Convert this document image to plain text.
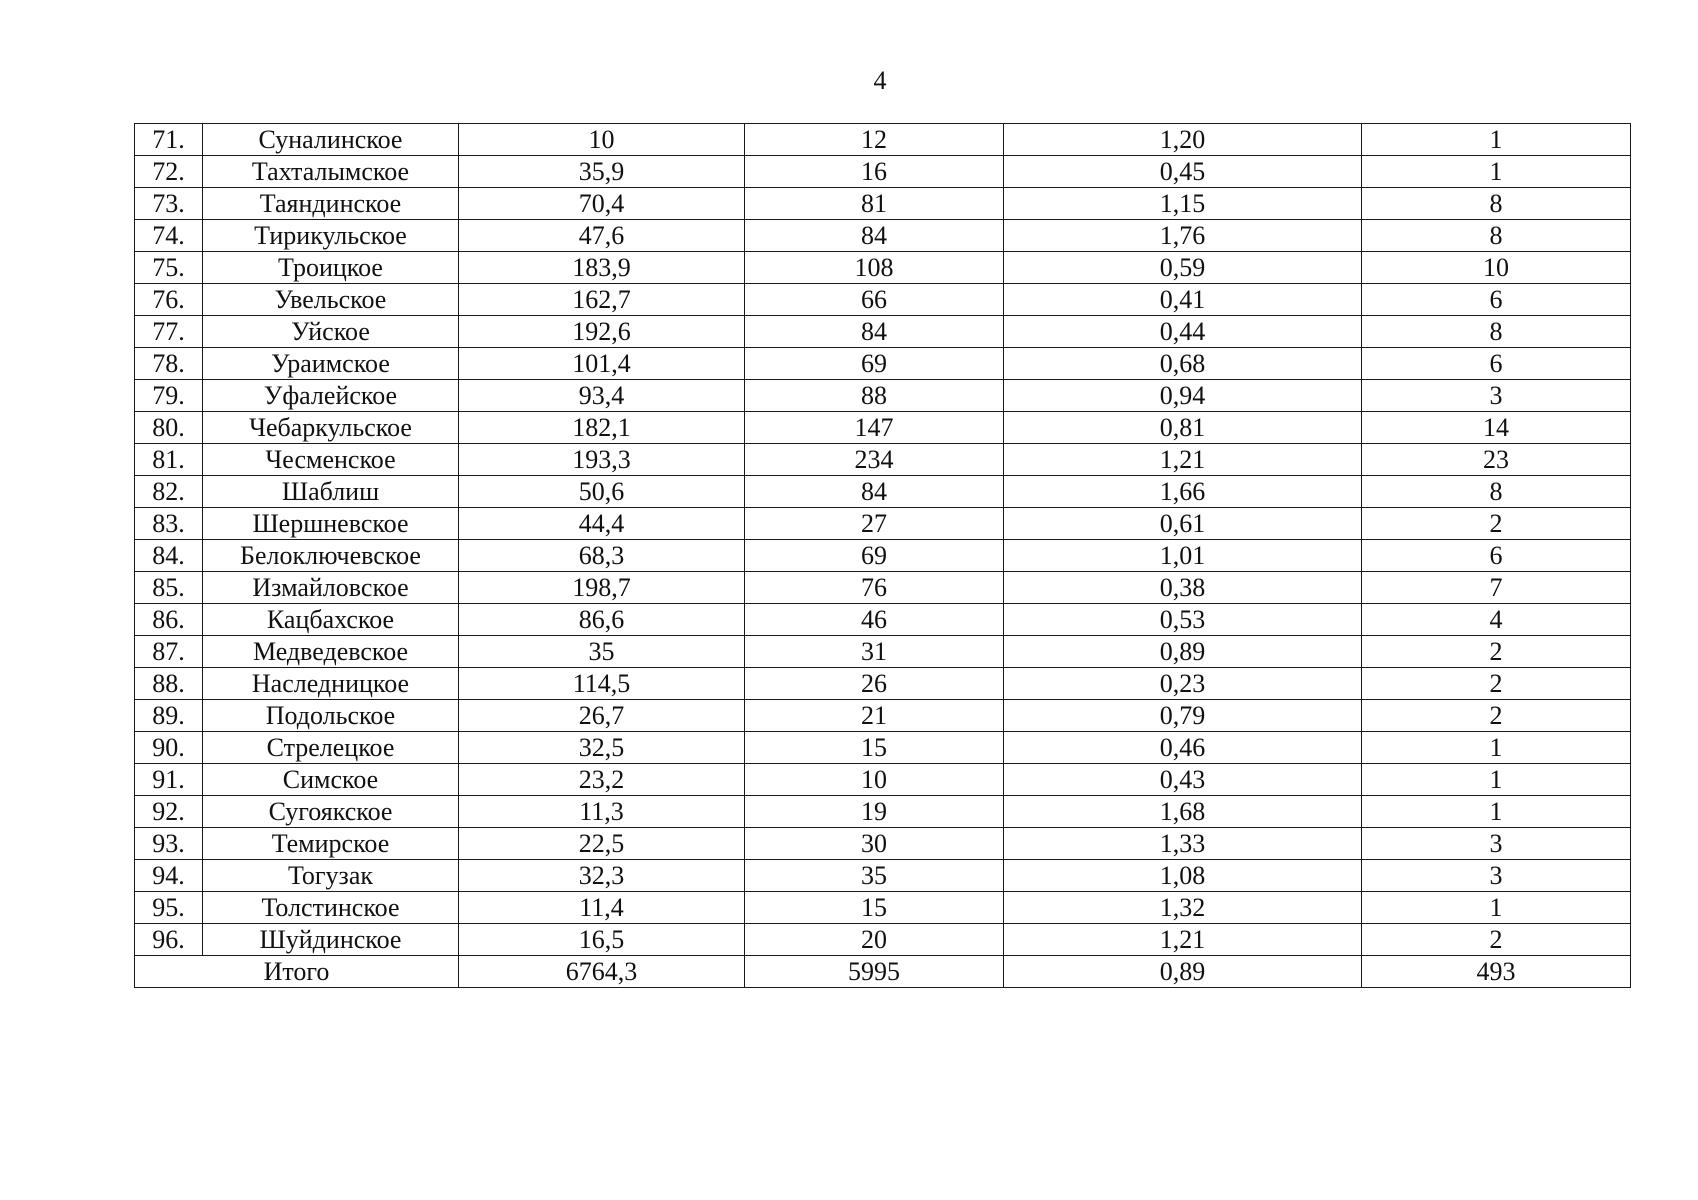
4
71.	Суналинское	10	12	1,20	1
72.	Тахталымское	35,9	16	0,45	1
73.	Таяндинское	70,4	81	1,15	8
74.	Тирикульское	47,6	84	1,76	8
75.	Троицкое	183,9	108	0,59	10
76.	Увельское	162,7	66	0,41	6
77.	Уйское	192,6	84	0,44	8
78.	Ураимское	101,4	69	0,68	6
79.	Уфалейское	93,4	88	0,94	3
80.	Чебаркульское	182,1	147	0,81	14
81.	Чесменское	193,3	234	1,21	23
82.	Шаблиш	50,6	84	1,66	8
83.	Шершневское	44,4	27	0,61	2
84.	Белоключевское	68,3	69	1,01	6
85.	Измайловское	198,7	76	0,38	7
86.	Кацбахское	86,6	46	0,53	4
87.	Медведевское	35	31	0,89	2
88.	Наследницкое	114,5	26	0,23	2
89.	Подольское	26,7	21	0,79	2
90.	Стрелецкое	32,5	15	0,46	1
91.	Симское	23,2	10	0,43	1
92.	Сугоякское	11,3	19	1,68	1
93.	Темирское	22,5	30	1,33	3
94.	Тогузак	32,3	35	1,08	3
95.	Толстинское	11,4	15	1,32	1
96.	Шуйдинское	16,5	20	1,21	2
Итого		6764,3	5995	0,89	493
